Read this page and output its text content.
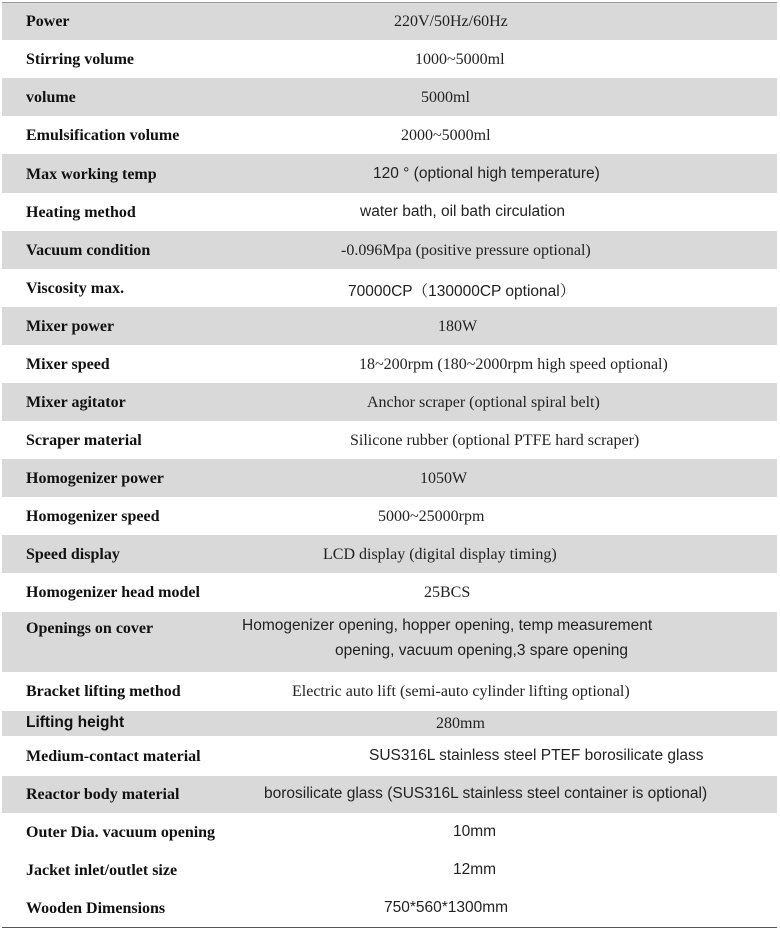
Power	220V/50Hz/60Hz
Stirring volume	1000~5000ml
volume	5000ml
Emulsification volume	2000~5000ml
Max working temp	120 ° (optional high temperature)
Heating method	water bath, oil bath circulation
Vacuum condition	-0.096Mpa (positive pressure optional)
Viscosity max.	70000CP（130000CP optional）
Mixer power	180W
Mixer speed	18~200rpm (180~2000rpm high speed optional)
Mixer agitator	Anchor scraper (optional spiral belt)
Scraper material	Silicone rubber (optional PTFE hard scraper)
Homogenizer power	1050W
Homogenizer speed	5000~25000rpm
Speed display	LCD display (digital display timing)
Homogenizer head model	25BCS
Openings on cover	Homogenizer opening, hopper opening, temp measurement
opening, vacuum opening,3 spare opening
Bracket lifting method	Electric auto lift (semi-auto cylinder lifting optional)
Lifting height	280mm
Medium-contact material	SUS316L stainless steel PTEF borosilicate glass
Reactor body material	borosilicate glass (SUS316L stainless steel container is optional)
Outer Dia. vacuum opening	10mm
Jacket inlet/outlet size	12mm
Wooden Dimensions	750*560*1300mm
